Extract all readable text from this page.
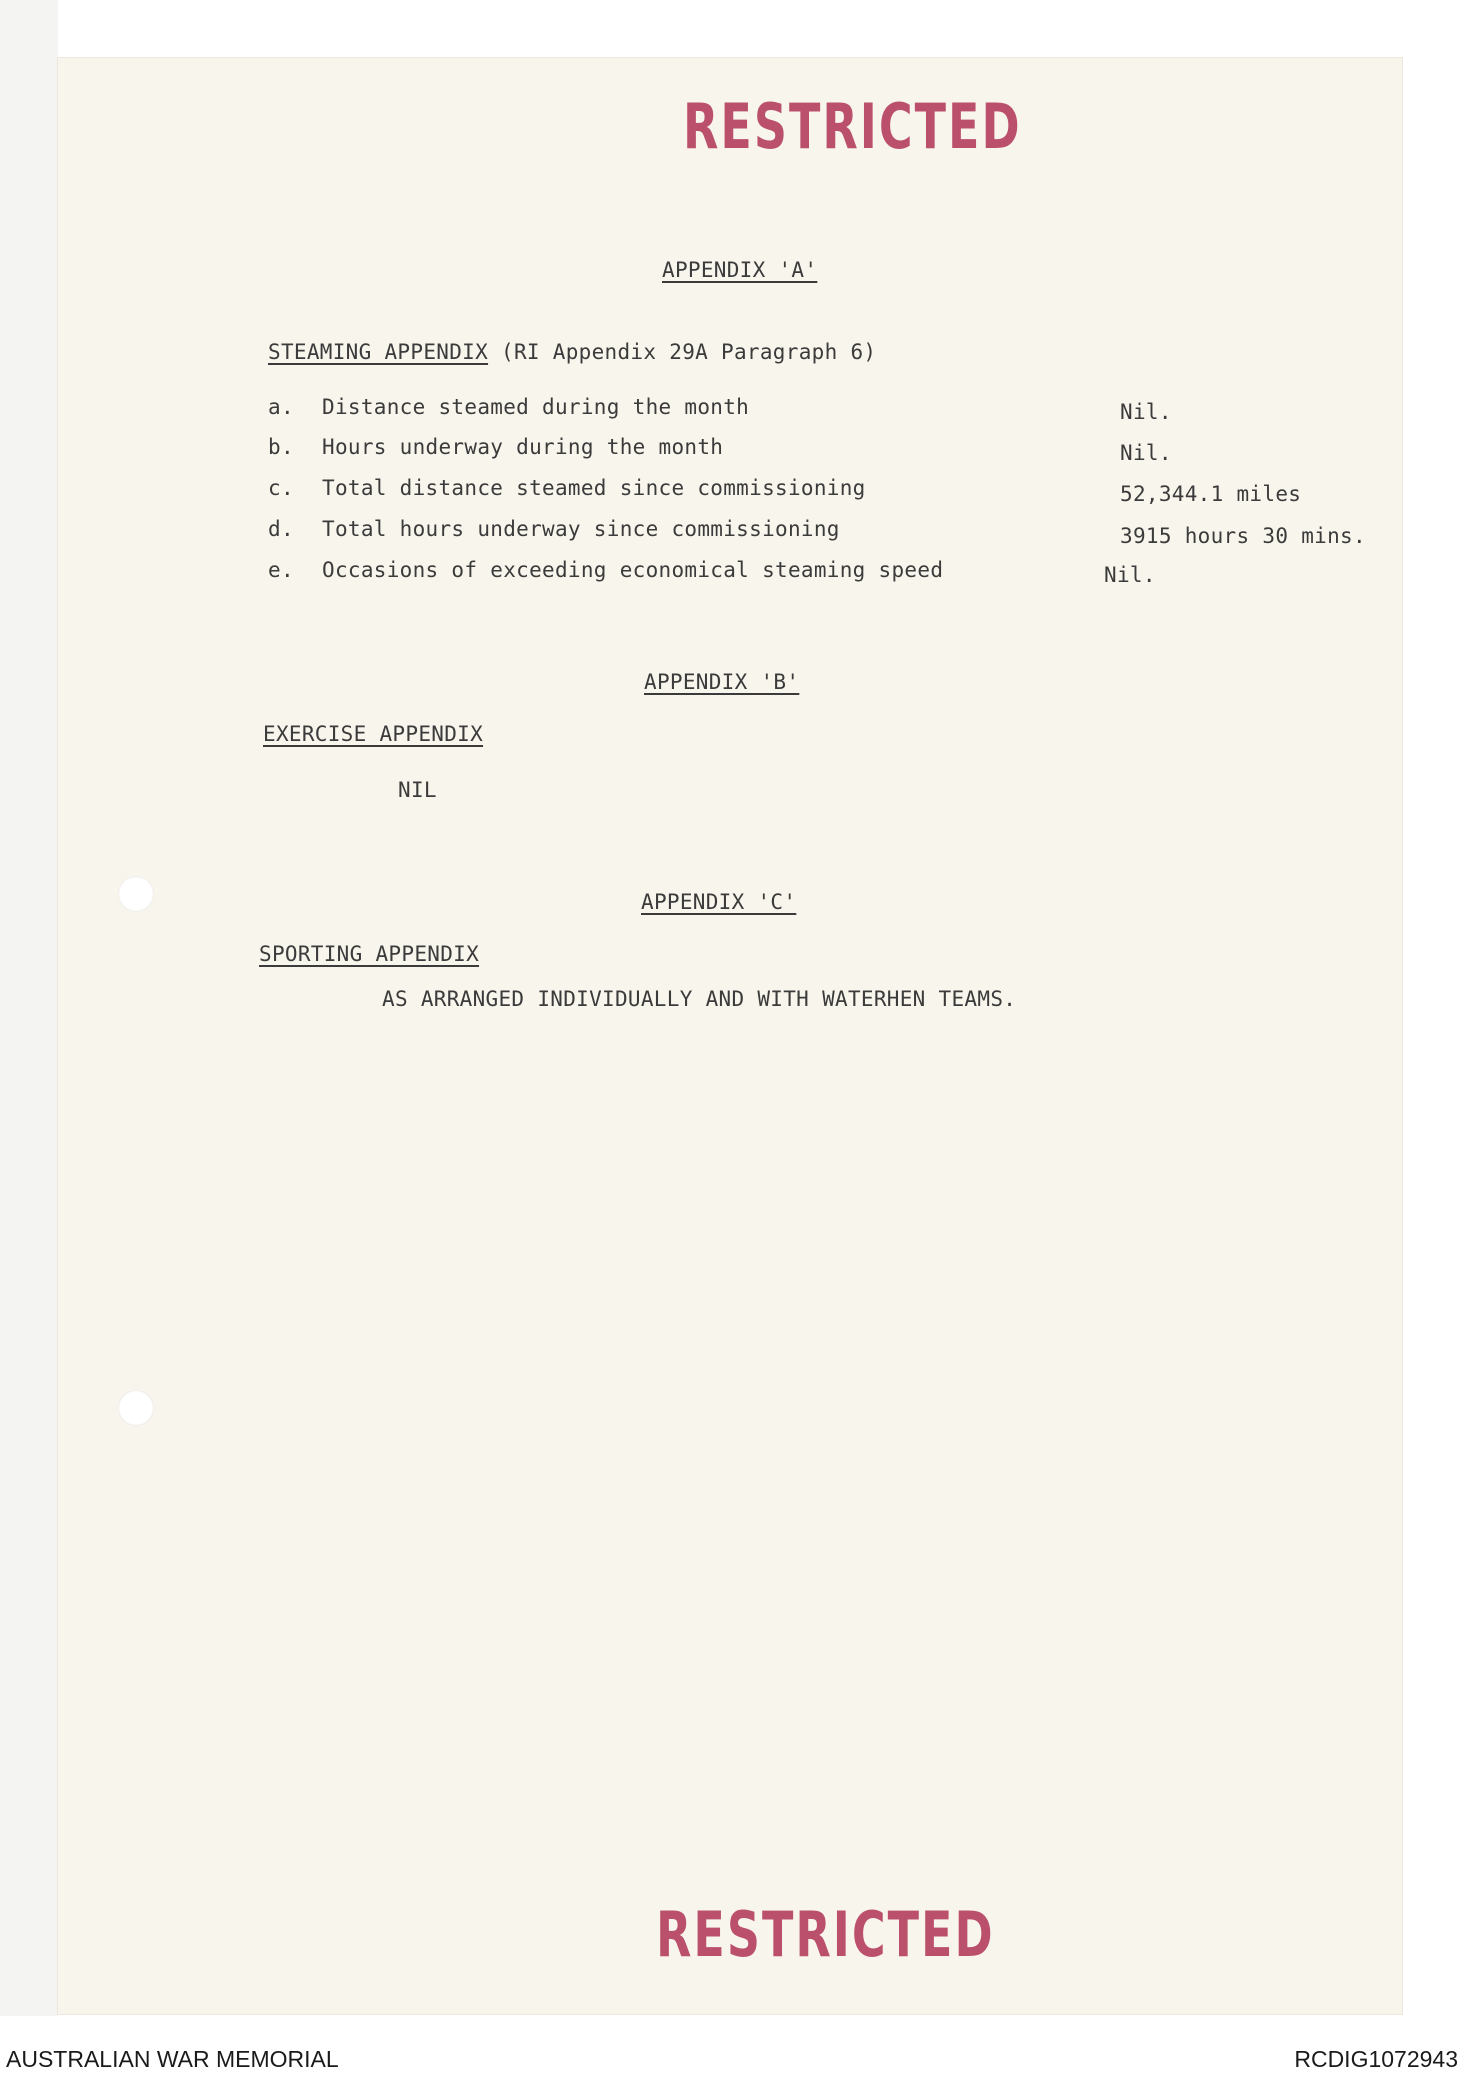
RESTRICTED
APPENDIX 'A'
STEAMING APPENDIX (RI Appendix 29A Paragraph 6)
a. Distance steamed during the month	Nil.
b. Hours underway during the month	Nil.
c. Total distance steamed since commissioning	52,344.1 miles
d. Total hours underway since commissioning	3915 hours 30 mins.
e. Occasions of exceeding economical steaming speed	Nil.
APPENDIX 'B'
EXERCISE APPENDIX
NIL
APPENDIX 'C'
SPORTING APPENDIX
AS ARRANGED INDIVIDUALLY AND WITH WATERHEN TEAMS.
RESTRICTED
AUSTRALIAN WAR MEMORIAL	RCDIG1072943
